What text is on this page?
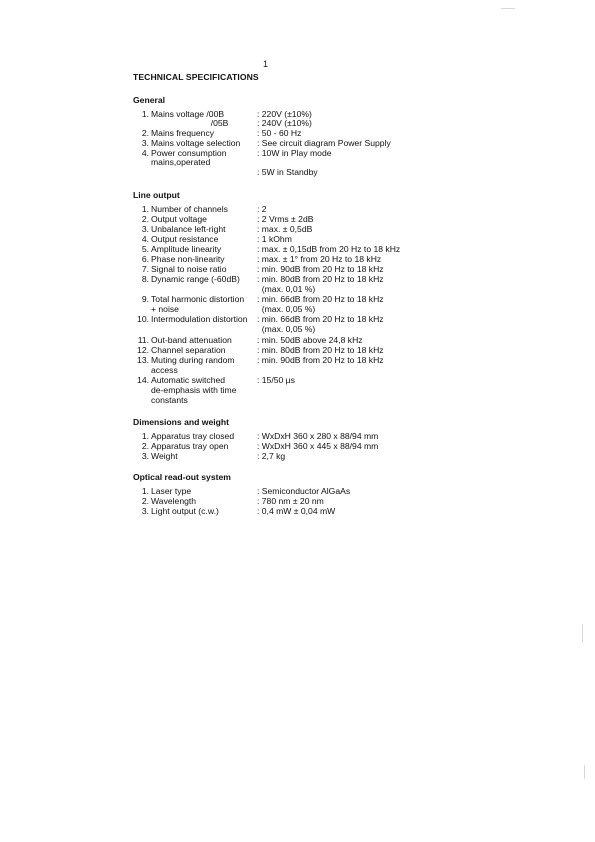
1
TECHNICAL SPECIFICATIONS
General
1. Mains voltage /00B	: 220V (±10%)
/05B	: 240V (±10%)
2. Mains frequency	: 50 - 60 Hz
3. Mains voltage selection : See circuit diagram Power Supply
4. Power consumption	: 10W in Play mode
mains,operated
: 5W in Standby
Line output
1. Number of channels	: 2
2. Output voltage	: 2 Vrms ± 2dB
3. Unbalance left-right	: max. ± 0,5dB
4. Output resistance	: 1 kOhm
5. Amplitude linearity	: max. ± 0,15dB from 20 Hz to 18 kHz
6. Phase non-linearity	: max. ± 1° from 20 Hz to 18 kHz
7. Signal to noise ratio	: min. 90dB from 20 Hz to 18 kHz
8. Dynamic range (-60dB) : min. 80dB from 20 Hz to 18 kHz
(max. 0,01 %)
9. Total harmonic distortion : min. 66dB from 20 Hz to 18 kHz
+ noise	(max. 0,05 %)
10. Intermodulation distortion : min. 66dB from 20 Hz to 18 kHz
(max. 0,05 %)
11. Out-band attenuation	: min. 50dB above 24,8 kHz
12. Channel separation	: min. 80dB from 20 Hz to 18 kHz
13. Muting during random	: min. 90dB from 20 Hz to 18 kHz
access
14. Automatic switched	: 15/50 µs
de-emphasis with time
constants
Dimensions and weight
1. Apparatus tray closed	: WxDxH 360 x 280 x 88/94 mm
2. Apparatus tray open	: WxDxH 360 x 445 x 88/94 mm
3. Weight	: 2,7 kg
Optical read-out system
1. Laser type	: Semiconductor AlGaAs
2. Wavelength	: 780 nm ± 20 nm
3. Light output (c.w.)	: 0,4 mW ± 0,04 mW
